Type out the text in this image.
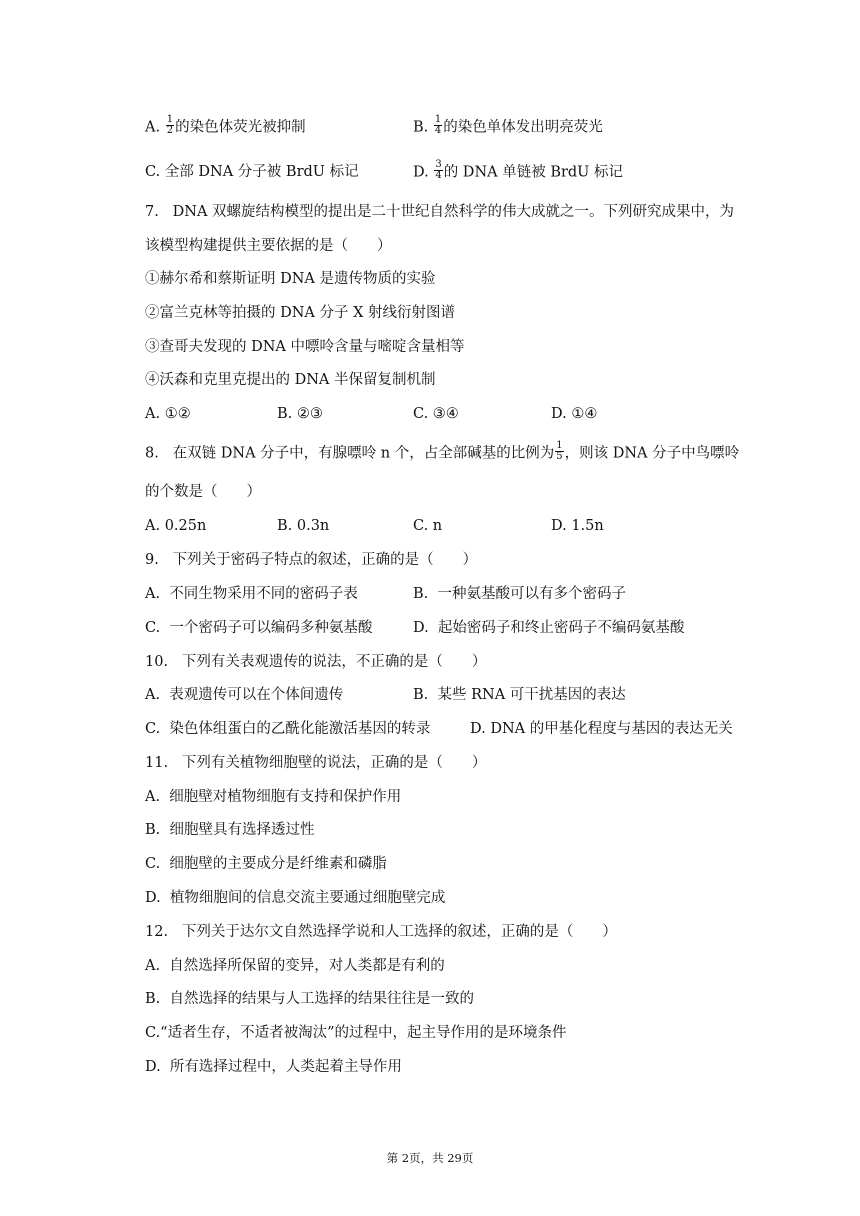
A. $\frac{1}{2}$ 的染色体荧光被抑制	B. $\frac{1}{4}$ 的染色单体发出明亮荧光
C. 全部 DNA 分子被 BrdU 标记	D. $\frac{3}{4}$ 的 DNA 单链被 BrdU 标记
7.   DNA 双螺旋结构模型的提出是二十世纪自然科学的伟大成就之一。下列研究成果中，为
该模型构建提供主要依据的是（　　）
①赫尔希和蔡斯证明 DNA 是遗传物质的实验
②富兰克林等拍摄的 DNA 分子 X 射线衍射图谱
③查哥夫发现的 DNA 中嘌呤含量与嘧啶含量相等
④沃森和克里克提出的 DNA 半保留复制机制
A. ①②	B. ②③	C. ③④	D. ①④
8.   在双链 DNA 分子中，有腺嘌呤 n 个，占全部碱基的比例为 $\frac{1}{5}$ ，则该 DNA 分子中鸟嘌呤
的个数是（　　）
A. 0.25n	B. 0.3n	C. n	D. 1.5n
9.   下列关于密码子特点的叙述，正确的是（　　）
A.  不同生物采用不同的密码子表	B.  一种氨基酸可以有多个密码子
C.  一个密码子可以编码多种氨基酸	D.  起始密码子和终止密码子不编码氨基酸
10.   下列有关表观遗传的说法，不正确的是（　　）
A.  表观遗传可以在个体间遗传	B.  某些 RNA 可干扰基因的表达
C.  染色体组蛋白的乙酰化能激活基因的转录	D. DNA 的甲基化程度与基因的表达无关
11.   下列有关植物细胞壁的说法，正确的是（　　）
A.  细胞壁对植物细胞有支持和保护作用
B.  细胞壁具有选择透过性
C.  细胞壁的主要成分是纤维素和磷脂
D.  植物细胞间的信息交流主要通过细胞壁完成
12.   下列关于达尔文自然选择学说和人工选择的叙述，正确的是（　　）
A.  自然选择所保留的变异，对人类都是有利的
B.  自然选择的结果与人工选择的结果往往是一致的
C.“适者生存，不适者被淘汰”的过程中，起主导作用的是环境条件
D.  所有选择过程中，人类起着主导作用
第 2页，共 29页
